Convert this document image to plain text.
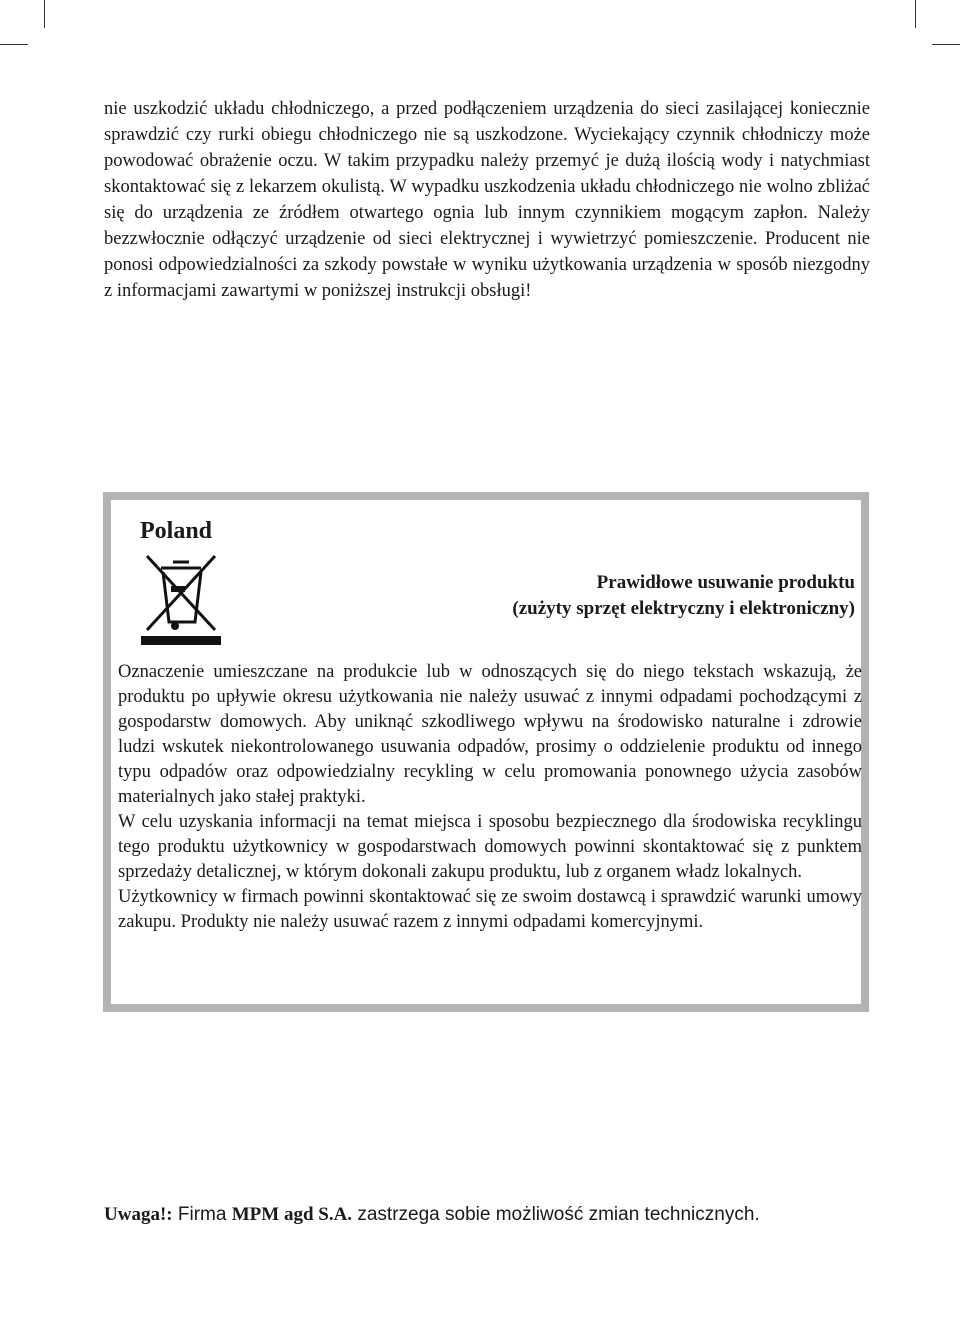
nie uszkodzić układu chłodniczego, a przed podłączeniem urządzenia do sieci zasilającej koniecznie sprawdzić czy rurki obiegu chłodniczego nie są uszkodzone. Wyciekający czynnik chłodniczy może powodować obrażenie oczu. W takim przypadku należy przemyć je dużą ilością wody i natychmiast skontaktować się z lekarzem okulistą. W wypadku uszkodzenia układu chłodniczego nie wolno zbliżać się do urządzenia ze źródłem otwartego ognia lub innym czynnikiem mogącym zapłon. Należy bezzwłocznie odłączyć urządzenie od sieci elektrycznej i wywietrzyć pomieszczenie. Producent nie ponosi odpowiedzialności za szkody powstałe w wyniku użytkowania urządzenia w sposób niezgodny z informacjami zawartymi w poniższej instrukcji obsługi!

Poland
Prawidłowe usuwanie produktu
(zużyty sprzęt elektryczny i elektroniczny)

Oznaczenie umieszczane na produkcie lub w odnoszących się do niego tekstach wskazują, że produktu po upływie okresu użytkowania nie należy usuwać z innymi odpadami pochodzącymi z gospodarstw domowych. Aby uniknąć szkodliwego wpływu na środowisko naturalne i zdrowie ludzi wskutek niekontrolowanego usuwania odpadów, prosimy o oddzielenie produktu od innego typu odpadów oraz odpowiedzialny recykling w celu promowania ponownego użycia zasobów materialnych jako stałej praktyki.

W celu uzyskania informacji na temat miejsca i sposobu bezpiecznego dla środowiska recyklingu tego produktu użytkownicy w gospodarstwach domowych powinni skontaktować się z punktem sprzedaży detalicznej, w którym dokonali zakupu produktu, lub z organem władz lokalnych.

Użytkownicy w firmach powinni skontaktować się ze swoim dostawcą i sprawdzić warunki umowy zakupu. Produkty nie należy usuwać razem z innymi odpadami komercyjnymi.

Uwaga!: Firma MPM agd S.A. zastrzega sobie możliwość zmian technicznych.
